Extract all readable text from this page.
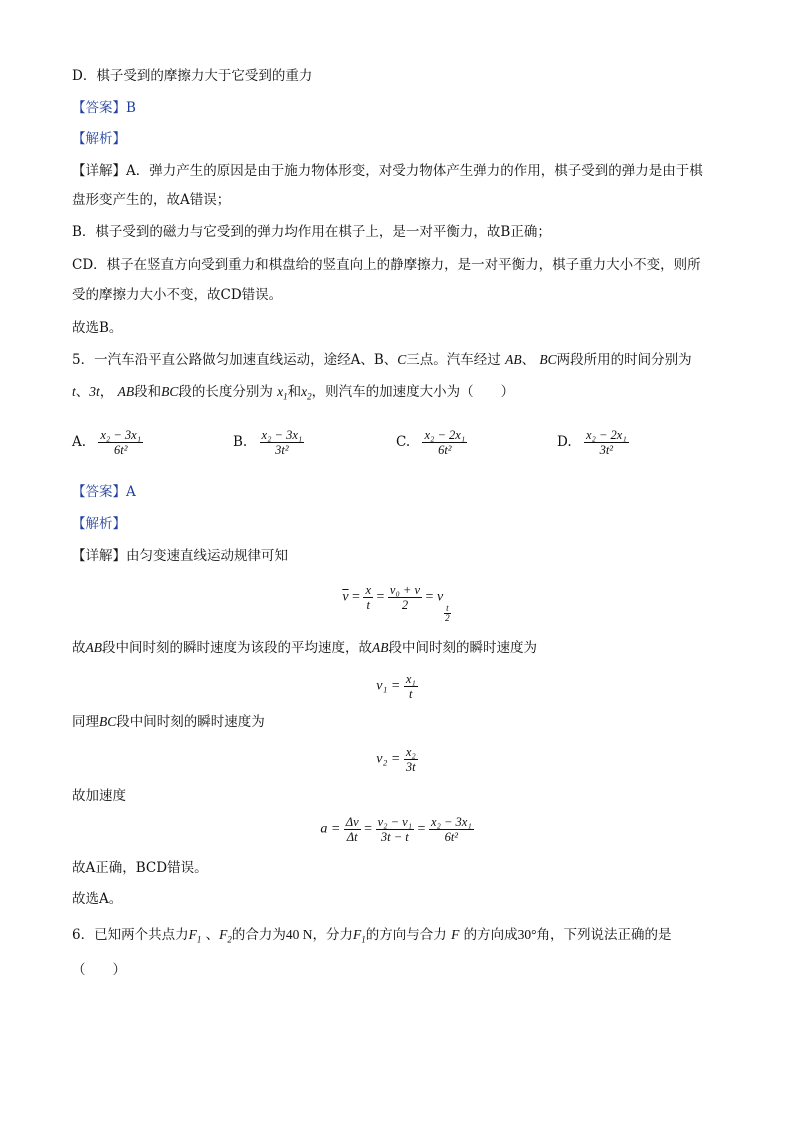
D．棋子受到的摩擦力大于它受到的重力
【答案】B
【解析】
【详解】A．弹力产生的原因是由于施力物体形变，对受力物体产生弹力的作用，棋子受到的弹力是由于棋
盘形变产生的，故A错误；
B．棋子受到的磁力与它受到的弹力均作用在棋子上，是一对平衡力，故B正确；
CD．棋子在竖直方向受到重力和棋盘给的竖直向上的静摩擦力，是一对平衡力，棋子重力大小不变，则所
受的摩擦力大小不变，故CD错误。
故选B。
5．一汽车沿平直公路做匀加速直线运动，途经A、B、C三点。汽车经过 AB、 BC两段所用的时间分别为
t、3t， AB段和BC段的长度分别为 $x_1$和$x_2$，则汽车的加速度大小为（　　）
A. $\frac{\text{x₂ − 3x₁}}{\text{6t²}}$	B. $\frac{\text{x₂ − 3x₁}}{\text{3t²}}$	C. $\frac{\text{x₂ − 2x₁}}{\text{6t²}}$	D. $\frac{\text{x₂ − 2x₁}}{\text{3t²}}$
【答案】A
【解析】
【详解】由匀变速直线运动规律可知
$\overline{v} = \frac{x}{t} = \frac{\text{v₀ + v}}{2} = v$
$\frac{t}{2}$
故AB段中间时刻的瞬时速度为该段的平均速度，故AB段中间时刻的瞬时速度为
$v_1 = \frac{\text{x₁}}{t}$
同理BC段中间时刻的瞬时速度为
$v_2 = \frac{\text{x₂}}{3t}$
故加速度
$a = \frac{\Delta v}{\Delta t} = \frac{\text{v₂ − v₁}}{3t - t} = \frac{\text{x₂ − 3x₁}}{\text{6t²}}$
故A正确，BCD错误。
故选A。
6．已知两个共点力$F_1$ 、$F_2$的合力为40 N，分力$F_1$的方向与合力 F 的方向成30°角，下列说法正确的是
（　　）
